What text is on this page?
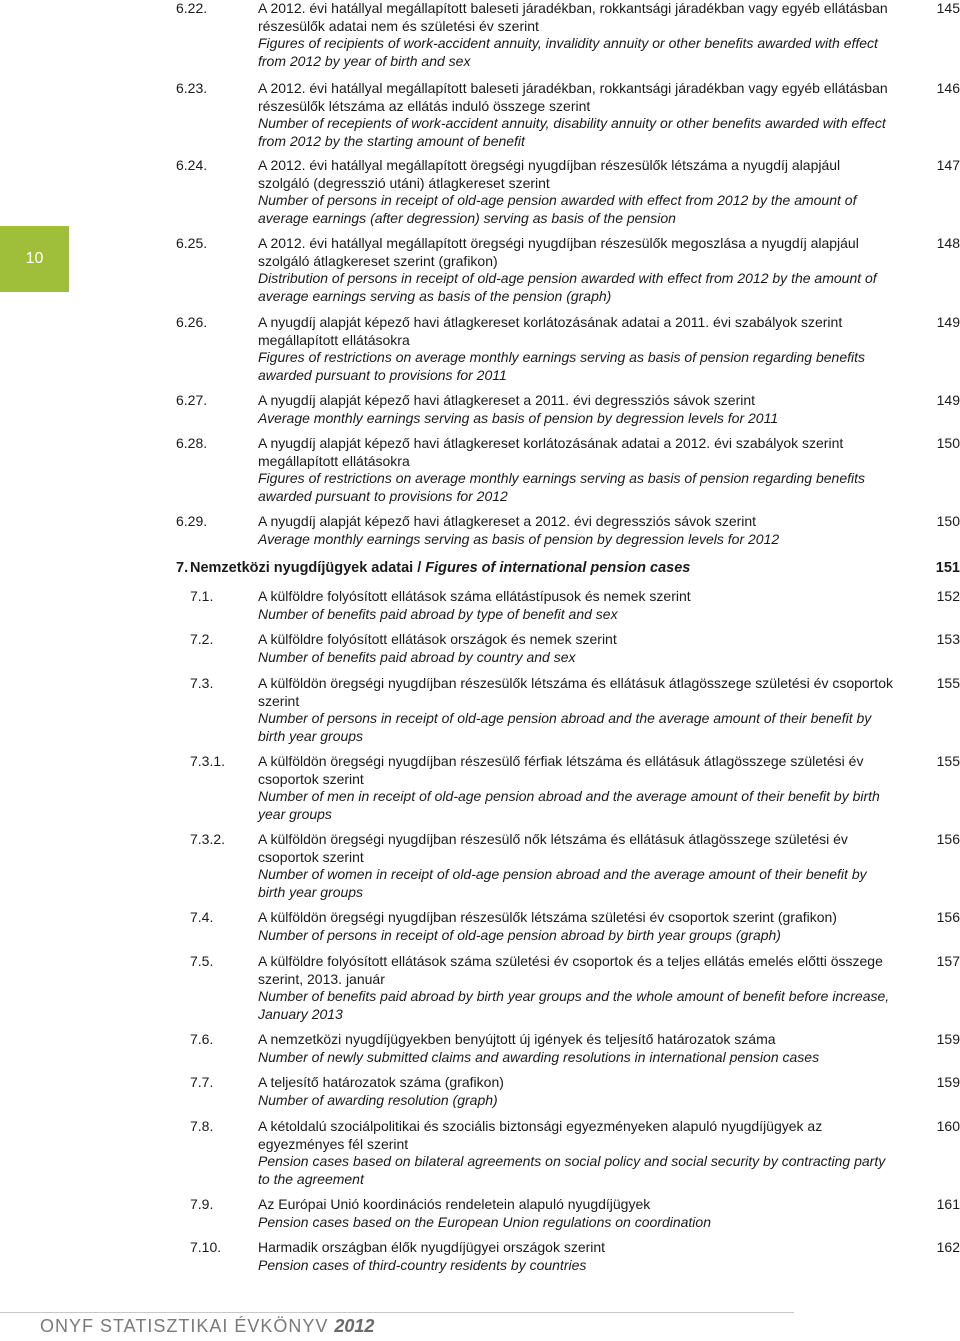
10
6.22.	A 2012. évi hatállyal megállapított baleseti járadékban, rokkantsági járadékban vagy egyéb ellátásban részesülők adatai nem és születési év szerint
Figures of recipients of work-accident annuity, invalidity annuity or other benefits awarded with effect from 2012 by year of birth and sex
145
6.23.	A 2012. évi hatállyal megállapított baleseti járadékban, rokkantsági járadékban vagy egyéb ellátásban részesülők létszáma az ellátás induló összege szerint
Number of recepients of work-accident annuity, disability annuity or other benefits awarded with effect from 2012 by the starting amount of benefit
146
6.24.	A 2012. évi hatállyal megállapított öregségi nyugdíjban részesülők létszáma a nyugdíj alapjául szolgáló (degresszió utáni) átlagkereset szerint
Number of persons in receipt of old-age pension awarded with effect from 2012 by the amount of average earnings (after degression) serving as basis of the pension
147
6.25.	A 2012. évi hatállyal megállapított öregségi nyugdíjban részesülők megoszlása a nyugdíj alapjául szolgáló átlagkereset szerint (grafikon)
Distribution of persons in receipt of old-age pension awarded with effect from 2012 by the amount of average earnings serving as basis of the pension (graph)
148
6.26.	A nyugdíj alapját képező havi átlagkereset korlátozásának adatai a 2011. évi szabályok szerint megállapított ellátásokra
Figures of restrictions on average monthly earnings serving as basis of pension regarding benefits awarded pursuant to provisions for 2011
149
6.27.	A nyugdíj alapját képező havi átlagkereset a 2011. évi degressziós sávok szerint
Average monthly earnings serving as basis of pension by degression levels for 2011
149
6.28.	A nyugdíj alapját képező havi átlagkereset korlátozásának adatai a 2012. évi szabályok szerint megállapított ellátásokra
Figures of restrictions on average monthly earnings serving as basis of pension regarding benefits awarded pursuant to provisions for 2012
150
6.29.	A nyugdíj alapját képező havi átlagkereset a 2012. évi degressziós sávok szerint
Average monthly earnings serving as basis of pension by degression levels for 2012
150
7. Nemzetközi nyugdíjügyek adatai / Figures of international pension cases	151
7.1.	A külföldre folyósított ellátások száma ellátástípusok és nemek szerint
Number of benefits paid abroad by type of benefit and sex
152
7.2.	A külföldre folyósított ellátások országok és nemek szerint
Number of benefits paid abroad by country and sex
153
7.3.	A külföldön öregségi nyugdíjban részesülők létszáma és ellátásuk átlagösszege születési év csoportok szerint
Number of persons in receipt of old-age pension abroad and the average amount of their benefit by birth year groups
155
7.3.1. A külföldön öregségi nyugdíjban részesülő férfiak létszáma és ellátásuk átlagösszege születési év csoportok szerint
Number of men in receipt of old-age pension abroad and the average amount of their benefit by birth year groups
155
7.3.2. A külföldön öregségi nyugdíjban részesülő nők létszáma és ellátásuk átlagösszege születési év csoportok szerint
Number of women in receipt of old-age pension abroad and the average amount of their benefit by birth year groups
156
7.4.	A külföldön öregségi nyugdíjban részesülők létszáma születési év csoportok szerint (grafikon)
Number of persons in receipt of old-age pension abroad by birth year groups (graph)
156
7.5.	A külföldre folyósított ellátások száma születési év csoportok és a teljes ellátás emelés előtti összege szerint, 2013. január
Number of benefits paid abroad by birth year groups and the whole amount of benefit before increase, January 2013
157
7.6.	A nemzetközi nyugdíjügyekben benyújtott új igények és teljesítő határozatok száma
Number of newly submitted claims and awarding resolutions in international pension cases
159
7.7.	A teljesítő határozatok száma (grafikon)
Number of awarding resolution (graph)
159
7.8.	A kétoldalú szociálpolitikai és szociális biztonsági egyezményeken alapuló nyugdíjügyek az egyezményes fél szerint
Pension cases based on bilateral agreements on social policy and social security by contracting party to the agreement
160
7.9.	Az Európai Unió koordinációs rendeletein alapuló nyugdíjügyek
Pension cases based on the European Union regulations on coordination
161
7.10.	Harmadik országban élők nyugdíjügyei országok szerint
Pension cases of third-country residents by countries
162
ONYF STATISZTIKAI ÉVKÖNYV 2012
